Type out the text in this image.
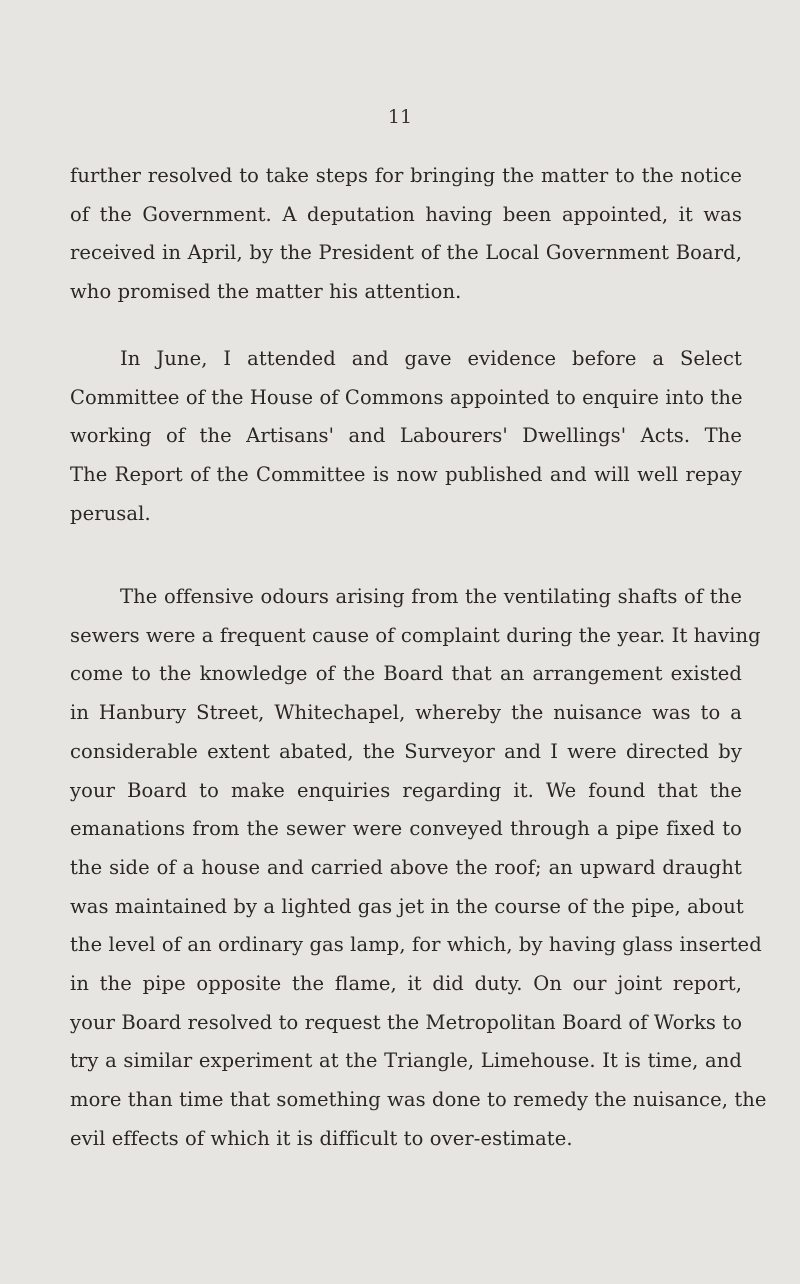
11
further resolved to take steps for bringing the matter to the notice
of the Government. A deputation having been appointed, it was
received in April, by the President of the Local Government Board,
who promised the matter his attention.
In June, I attended and gave evidence before a Select
Committee of the House of Commons appointed to enquire into the
working of the Artisans' and Labourers' Dwellings' Acts. The
The Report of the Committee is now published and will well repay
perusal.
The offensive odours arising from the ventilating shafts of the
sewers were a frequent cause of complaint during the year. It having
come to the knowledge of the Board that an arrangement existed
in Hanbury Street, Whitechapel, whereby the nuisance was to a
considerable extent abated, the Surveyor and I were directed by
your Board to make enquiries regarding it. We found that the
emanations from the sewer were conveyed through a pipe fixed to
the side of a house and carried above the roof; an upward draught
was maintained by a lighted gas jet in the course of the pipe, about
the level of an ordinary gas lamp, for which, by having glass inserted
in the pipe opposite the flame, it did duty. On our joint report,
your Board resolved to request the Metropolitan Board of Works to
try a similar experiment at the Triangle, Limehouse. It is time, and
more than time that something was done to remedy the nuisance, the
evil effects of which it is difficult to over-estimate.
